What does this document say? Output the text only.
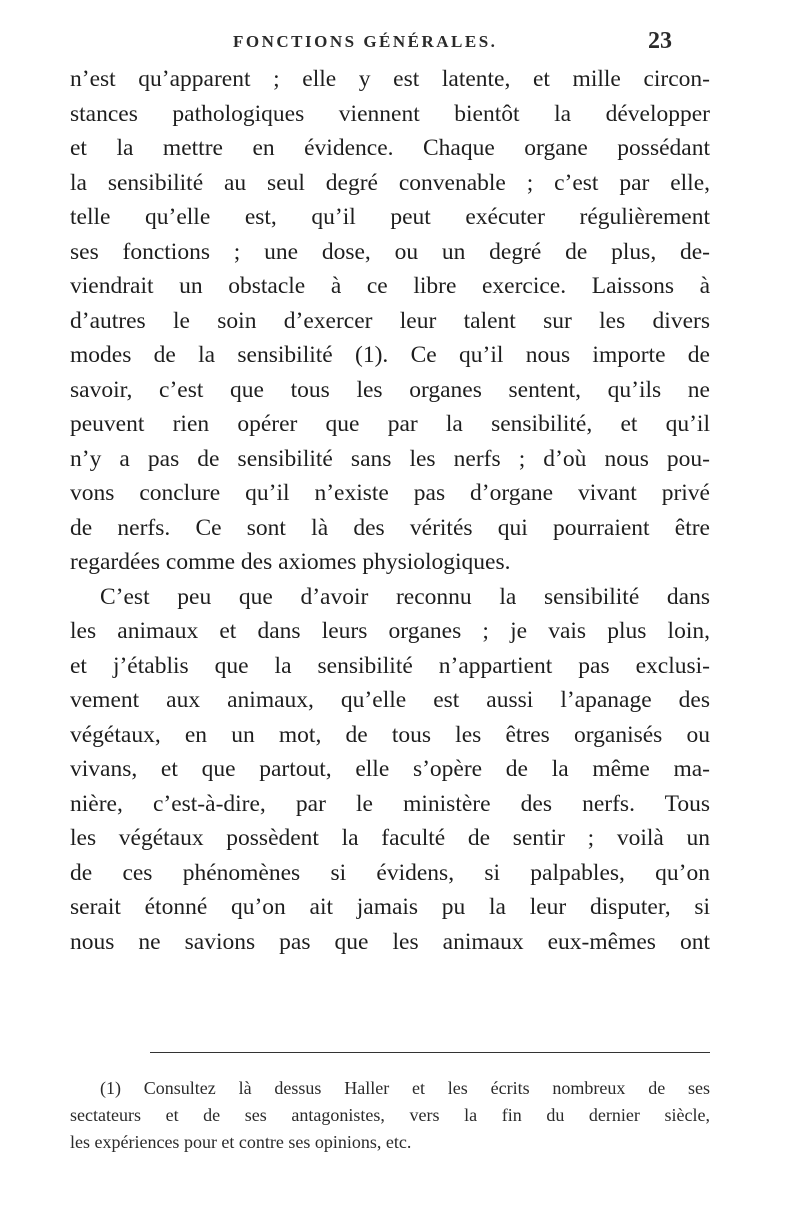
FONCTIONS GÉNÉRALES.	23
n’est qu’apparent ; elle y est latente, et mille circon-
stances pathologiques viennent bientôt la développer
et la mettre en évidence. Chaque organe possédant
la sensibilité au seul degré convenable ; c’est par elle,
telle qu’elle est, qu’il peut exécuter régulièrement
ses fonctions ; une dose, ou un degré de plus, de-
viendrait un obstacle à ce libre exercice. Laissons à
d’autres le soin d’exercer leur talent sur les divers
modes de la sensibilité (1). Ce qu’il nous importe de
savoir, c’est que tous les organes sentent, qu’ils ne
peuvent rien opérer que par la sensibilité, et qu’il
n’y a pas de sensibilité sans les nerfs ; d’où nous pou-
vons conclure qu’il n’existe pas d’organe vivant privé
de nerfs. Ce sont là des vérités qui pourraient être
regardées comme des axiomes physiologiques.
C’est peu que d’avoir reconnu la sensibilité dans
les animaux et dans leurs organes ; je vais plus loin,
et j’établis que la sensibilité n’appartient pas exclusi-
vement aux animaux, qu’elle est aussi l’apanage des
végétaux, en un mot, de tous les êtres organisés ou
vivans, et que partout, elle s’opère de la même ma-
nière, c’est-à-dire, par le ministère des nerfs. Tous
les végétaux possèdent la faculté de sentir ; voilà un
de ces phénomènes si évidens, si palpables, qu’on
serait étonné qu’on ait jamais pu la leur disputer, si
nous ne savions pas que les animaux eux-mêmes ont
(1) Consultez là dessus Haller et les écrits nombreux de ses
sectateurs et de ses antagonistes, vers la fin du dernier siècle,
les expériences pour et contre ses opinions, etc.
